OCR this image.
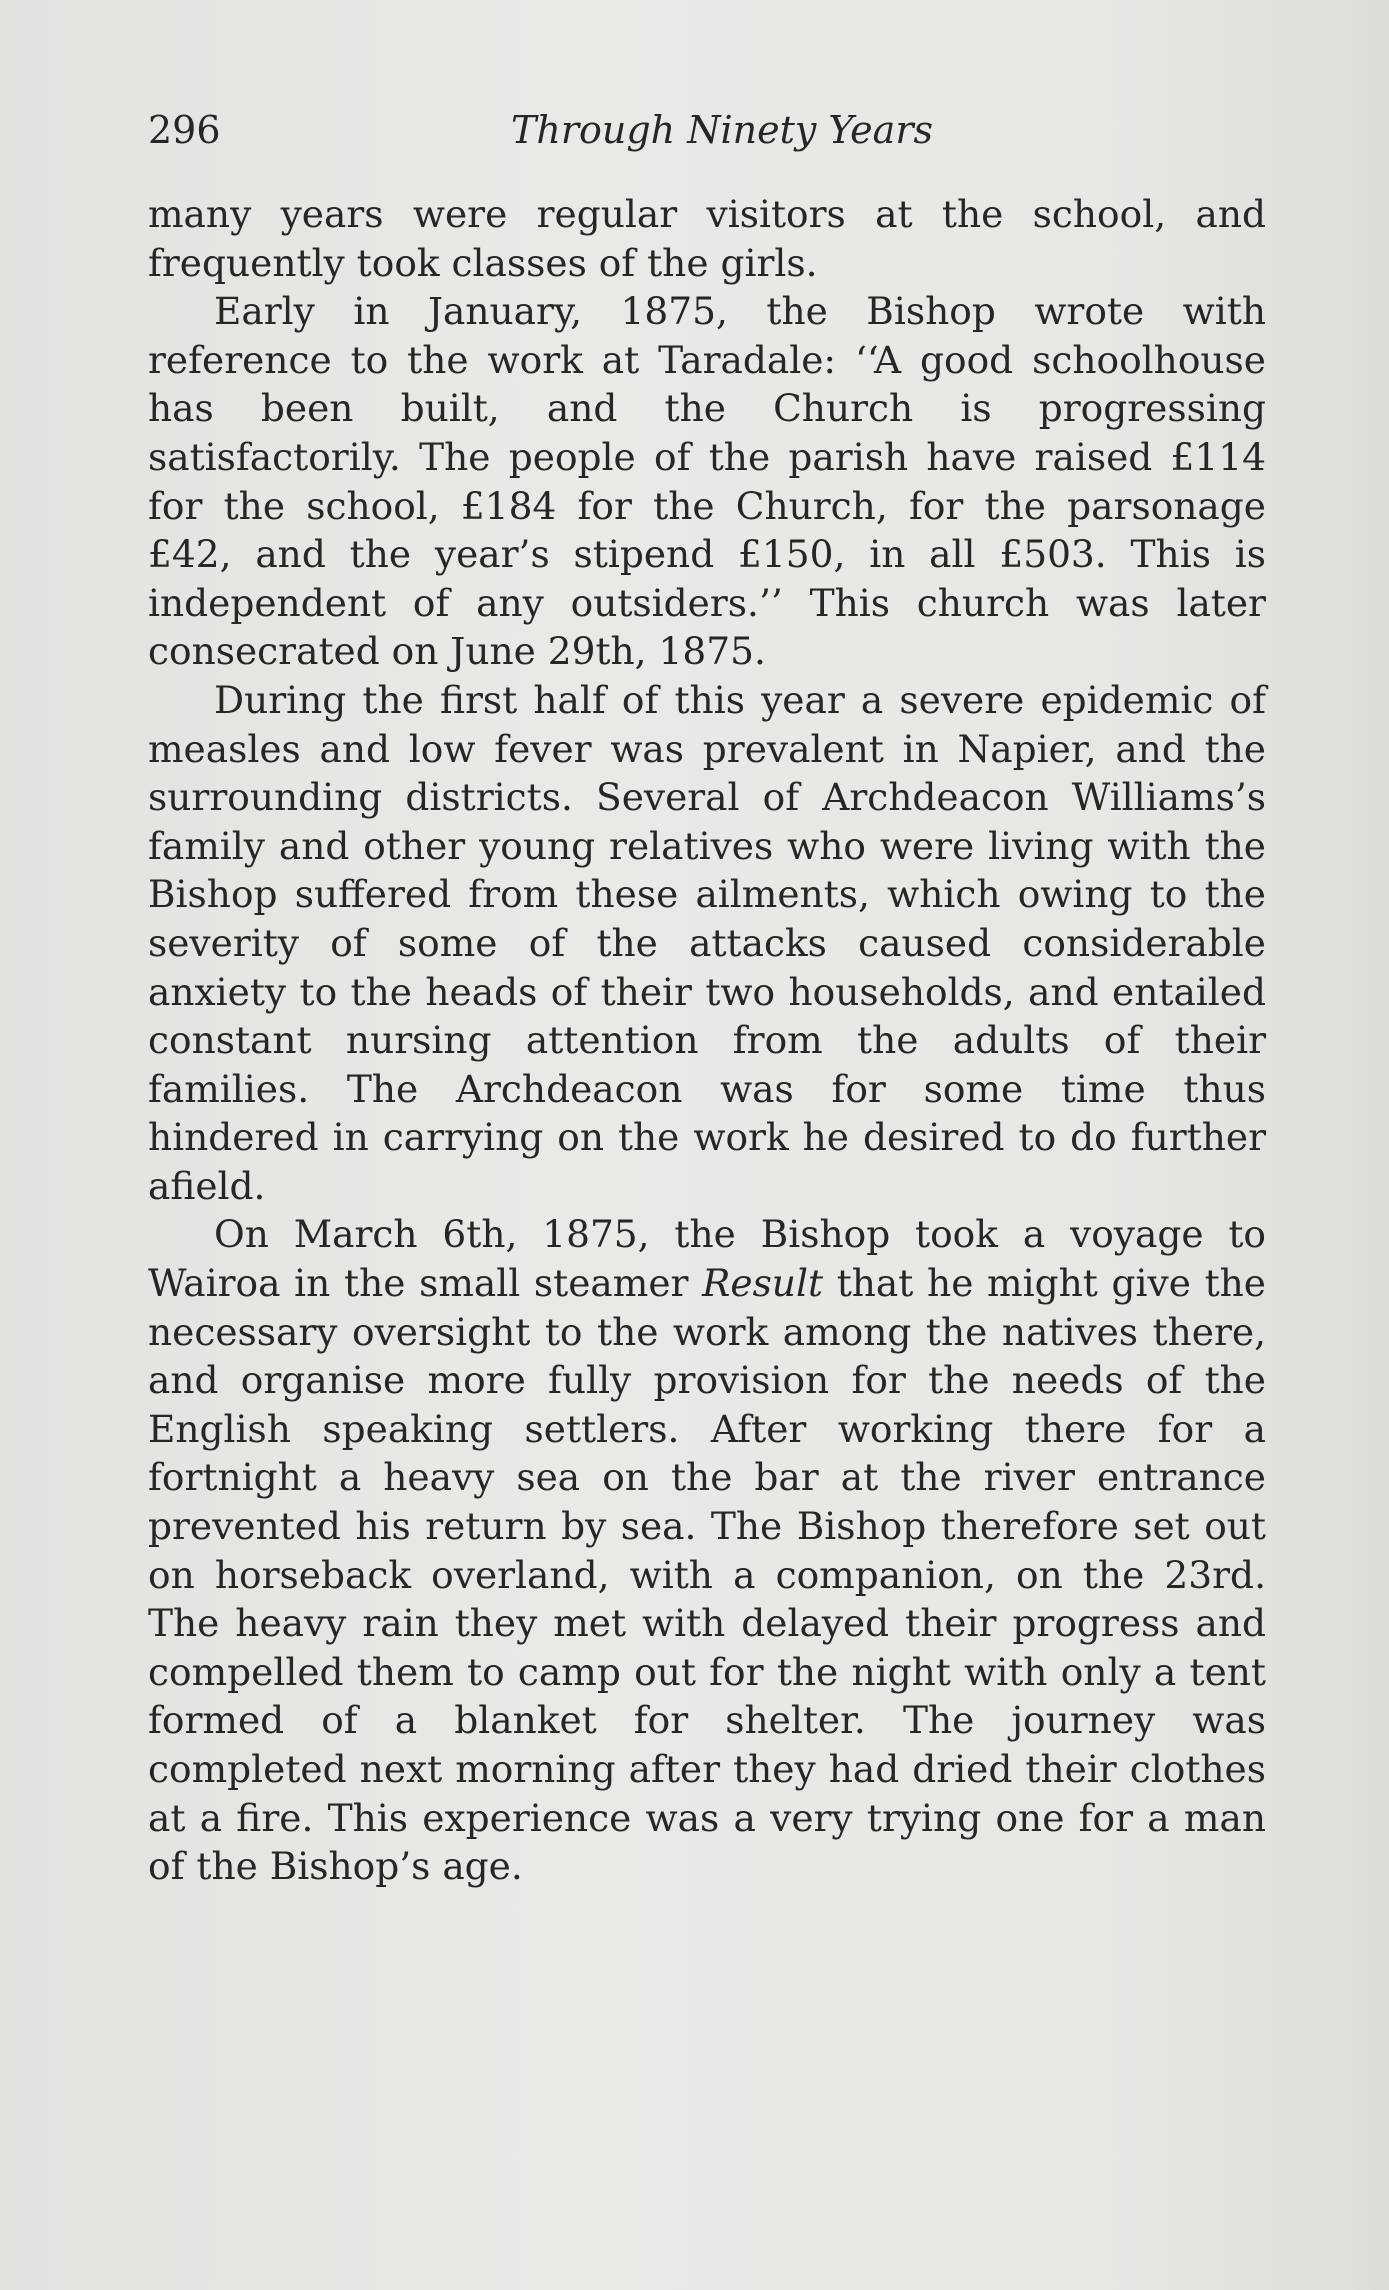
296	Through Ninety Years

many years were regular visitors at the school, and frequently took classes of the girls.

Early in January, 1875, the Bishop wrote with reference to the work at Taradale: ‘‘A good schoolhouse has been built, and the Church is progressing satisfactorily. The people of the parish have raised £114 for the school, £184 for the Church, for the parsonage £42, and the year’s stipend £150, in all £503. This is independent of any outsiders.’’ This church was later consecrated on June 29th, 1875.

During the first half of this year a severe epidemic of measles and low fever was prevalent in Napier, and the surrounding districts. Several of Archdeacon Williams’s family and other young relatives who were living with the Bishop suffered from these ailments, which owing to the severity of some of the attacks caused considerable anxiety to the heads of their two households, and entailed constant nursing attention from the adults of their families. The Archdeacon was for some time thus hindered in carrying on the work he desired to do further afield.

On March 6th, 1875, the Bishop took a voyage to Wairoa in the small steamer Result that he might give the necessary oversight to the work among the natives there, and organise more fully provision for the needs of the English speaking settlers. After working there for a fortnight a heavy sea on the bar at the river entrance prevented his return by sea. The Bishop therefore set out on horseback overland, with a companion, on the 23rd. The heavy rain they met with delayed their progress and compelled them to camp out for the night with only a tent formed of a blanket for shelter. The journey was completed next morning after they had dried their clothes at a fire. This experience was a very trying one for a man of the Bishop’s age.
